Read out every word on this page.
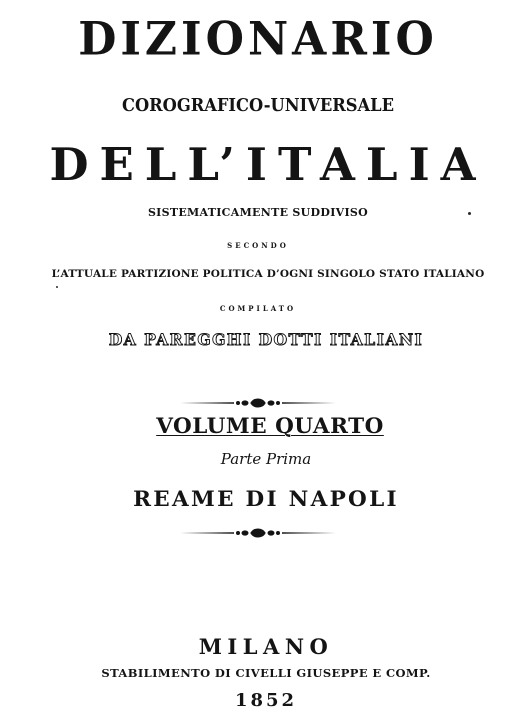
DIZIONARIO
COROGRAFICO-UNIVERSALE
DELL’ITALIA
SISTEMATICAMENTE SUDDIVISO
SECONDO
L’ATTUALE PARTIZIONE POLITICA D’OGNI SINGOLO STATO ITALIANO
COMPILATO
DA PAREGGHI DOTTI ITALIANI
VOLUME QUARTO
Parte Prima
REAME DI NAPOLI
MILANO
STABILIMENTO DI CIVELLI GIUSEPPE E COMP.
1852
